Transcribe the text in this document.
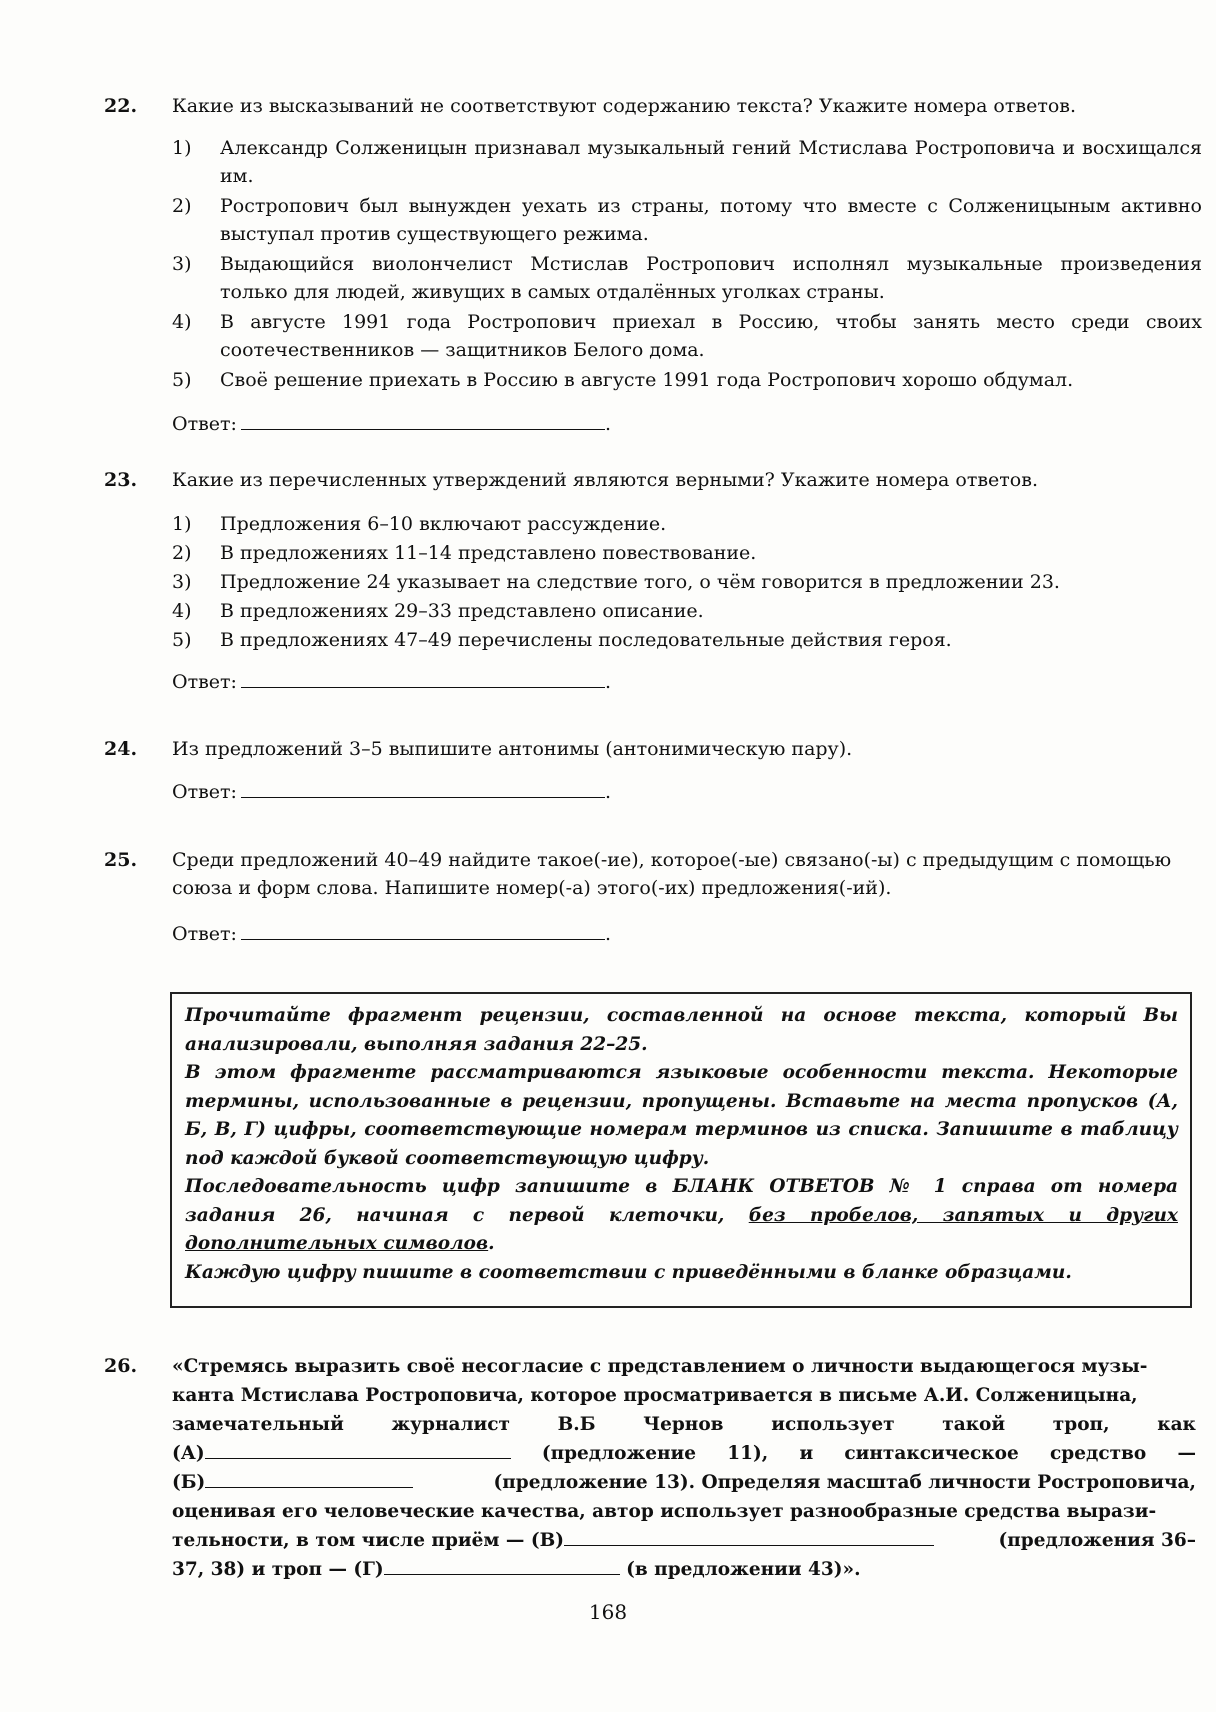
22. Какие из высказываний не соответствуют содержанию текста? Укажите номера ответов.
1) Александр Солженицын признавал музыкальный гений Мстислава Ростроповича и восхищался им.
2) Ростропович был вынужден уехать из страны, потому что вместе с Солженицыным активно выступал против существующего режима.
3) Выдающийся виолончелист Мстислав Ростропович исполнял музыкальные произведения только для людей, живущих в самых отдалённых уголках страны.
4) В августе 1991 года Ростропович приехал в Россию, чтобы занять место среди своих соотечественников — защитников Белого дома.
5) Своё решение приехать в Россию в августе 1991 года Ростропович хорошо обдумал.
Ответ:	.
23. Какие из перечисленных утверждений являются верными? Укажите номера ответов.
1) Предложения 6–10 включают рассуждение.
2) В предложениях 11–14 представлено повествование.
3) Предложение 24 указывает на следствие того, о чём говорится в предложении 23.
4) В предложениях 29–33 представлено описание.
5) В предложениях 47–49 перечислены последовательные действия героя.
Ответ:	.
24. Из предложений 3–5 выпишите антонимы (антонимическую пару).
Ответ:	.
25. Среди предложений 40–49 найдите такое(-ие), которое(-ые) связано(-ы) с предыдущим с помощью союза и форм слова. Напишите номер(-а) этого(-их) предложения(-ий).
Ответ:	.

Прочитайте фрагмент рецензии, составленной на основе текста, который Вы анализировали, выполняя задания 22–25.

В этом фрагменте рассматриваются языковые особенности текста. Некоторые термины, использованные в рецензии, пропущены. Вставьте на места пропусков (А, Б, В, Г) цифры, соответствующие номерам терминов из списка. Запишите в таблицу под каждой буквой соответствующую цифру.

Последовательность цифр запишите в БЛАНК ОТВЕТОВ № 1 справа от номера задания 26, начиная с первой клеточки, без пробелов, запятых и других дополнительных символов.

Каждую цифру пишите в соответствии с приведёнными в бланке образцами.

26. «Стремясь выразить своё несогласие с представлением о личности выдающегося музы-
канта Мстислава Ростроповича, которое просматривается в письме А.И. Солженицына,
замечательный	журналист	В.Б	Чернов	использует	такой	троп,	как
(А)	(предложение 11), и синтаксическое средство —
(Б)	(предложение 13). Определяя масштаб личности Ростроповича,
оценивая его человеческие качества, автор использует разнообразные средства вырази-
тельности, в том числе приём — (В)	(предложения 36–
37, 38) и троп — (Г)	(в предложении 43)».
168
